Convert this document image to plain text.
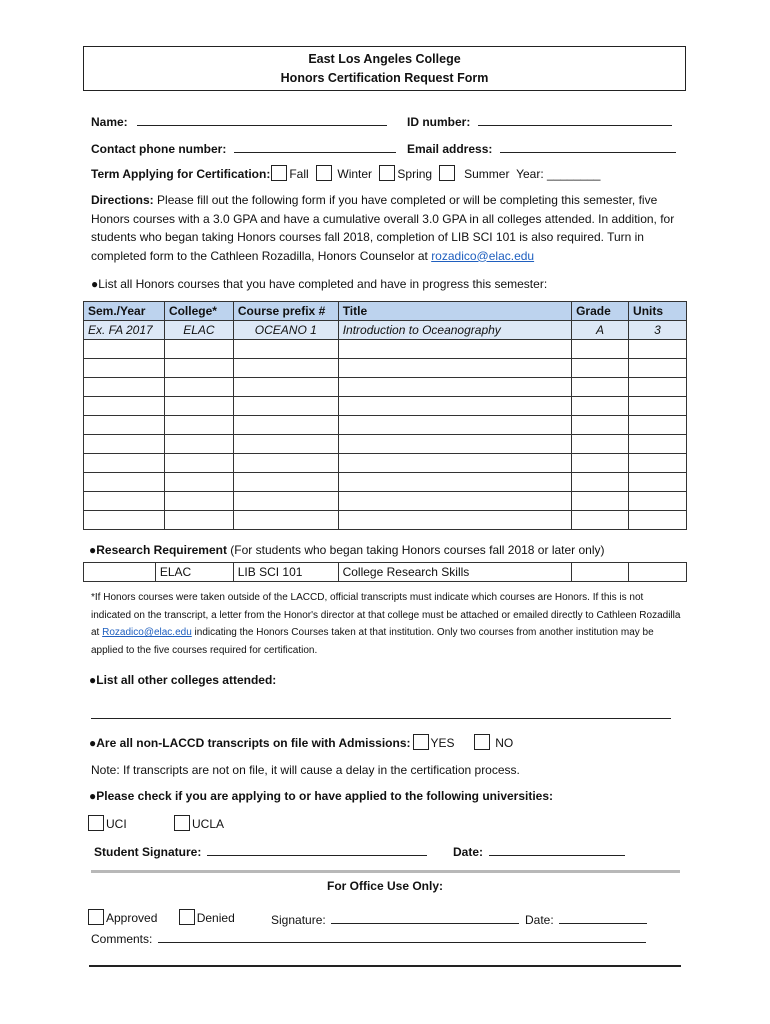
East Los Angeles College
Honors Certification Request Form
Name:	ID number:
Contact phone number:	Email address:
Term Applying for Certification: Fall Winter Spring	Summer Year: ________
Directions: Please fill out the following form if you have completed or will be completing this semester, five Honors courses with a 3.0 GPA and have a cumulative overall 3.0 GPA in all colleges attended. In addition, for students who began taking Honors courses fall 2018, completion of LIB SCI 101 is also required. Turn in completed form to the Cathleen Rozadilla, Honors Counselor at rozadico@elac.edu
●List all Honors courses that you have completed and have in progress this semester:
Sem./Year	College*	Course prefix #	Title	Grade	Units
Ex. FA 2017	ELAC	OCEANO 1	Introduction to Oceanography	A	3

●Research Requirement (For students who began taking Honors courses fall 2018 or later only)
	ELAC	LIB SCI 101	College Research Skills		
*If Honors courses were taken outside of the LACCD, official transcripts must indicate which courses are Honors. If this is not indicated on the transcript, a letter from the Honor's director at that college must be attached or emailed directly to Cathleen Rozadilla at Rozadico@elac.edu indicating the Honors Courses taken at that institution. Only two courses from another institution may be applied to the five courses required for certification.
●List all other colleges attended:
●Are all non-LACCD transcripts on file with Admissions: YES	NO
Note: If transcripts are not on file, it will cause a delay in the certification process.
●Please check if you are applying to or have applied to the following universities:
UCI	UCLA
Student Signature:	Date:
For Office Use Only:
Approved	Denied	Signature:	Date:
Comments:
